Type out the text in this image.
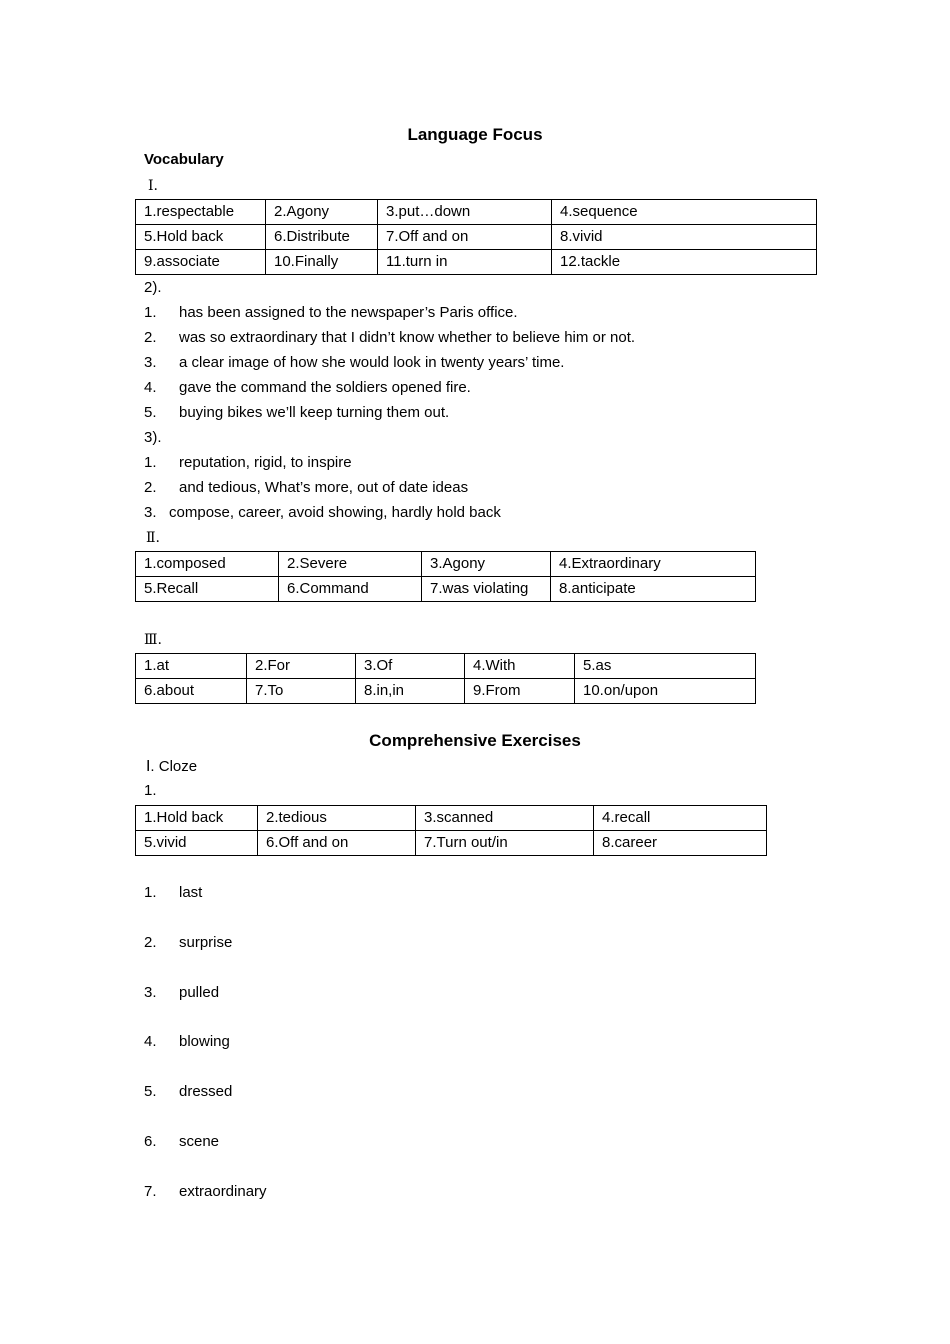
Language Focus
Vocabulary
Ⅰ.
1.respectable	2.Agony	3.put…down	4.sequence
5.Hold back	6.Distribute	7.Off and on	8.vivid
9.associate	10.Finally	11.turn in	12.tackle
2).
1. has been assigned to the newspaper’s Paris office.
2. was so extraordinary that I didn’t know whether to believe him or not.
3. a clear image of how she would look in twenty years’ time.
4. gave the command the soldiers opened fire.
5. buying bikes we’ll keep turning them out.
3).
1. reputation, rigid, to inspire
2. and tedious, What’s more, out of date ideas
3.   compose, career, avoid showing, hardly hold back
Ⅱ.
1.composed	2.Severe	3.Agony	4.Extraordinary
5.Recall	6.Command	7.was violating	8.anticipate
Ⅲ.
1.at	2.For	3.Of	4.With	5.as
6.about	7.To	8.in,in	9.From	10.on/upon
Comprehensive Exercises
Ⅰ. Cloze
1.
1.Hold back	2.tedious	3.scanned	4.recall
5.vivid	6.Off and on	7.Turn out/in	8.career
1. last
2. surprise
3. pulled
4. blowing
5. dressed
6. scene
7. extraordinary
